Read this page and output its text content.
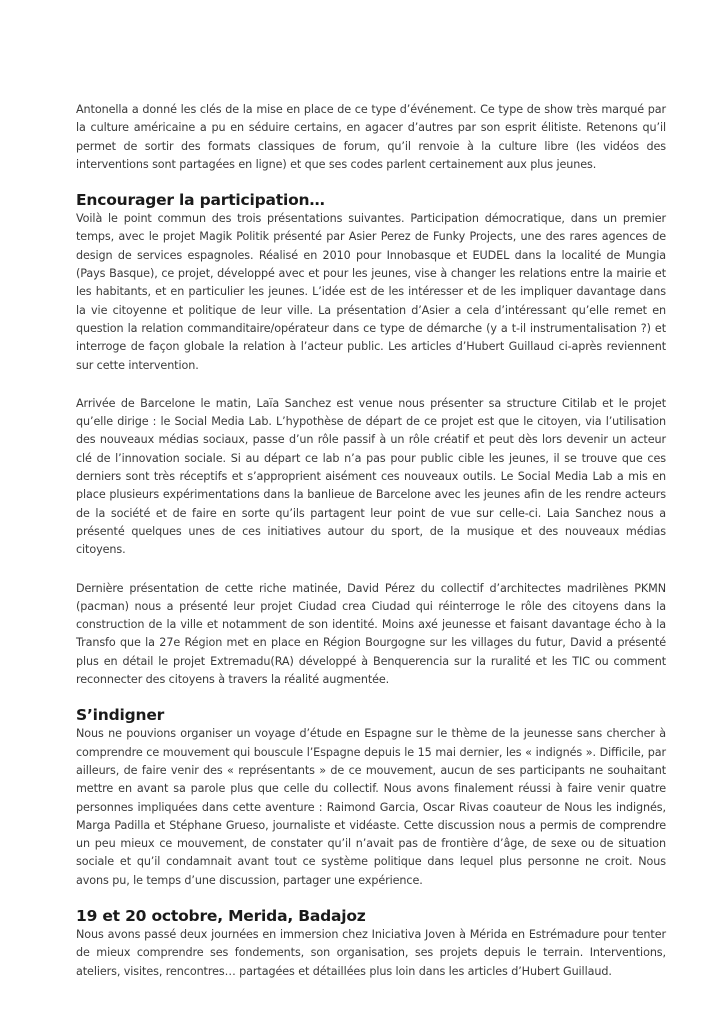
Antonella a donné les clés de la mise en place de ce type d’événement. Ce type de show très marqué par la culture américaine a pu en séduire certains, en agacer d’autres par son esprit élitiste. Retenons qu’il permet de sortir des formats classiques de forum, qu’il renvoie à la culture libre (les vidéos des interventions sont partagées en ligne) et que ses codes parlent certainement aux plus jeunes.

Encourager la participation…

Voilà le point commun des trois présentations suivantes. Participation démocratique, dans un premier temps, avec le projet Magik Politik présenté par Asier Perez de Funky Projects, une des rares agences de design de services espagnoles. Réalisé en 2010 pour Innobasque et EUDEL dans la localité de Mungia (Pays Basque), ce projet, développé avec et pour les jeunes, vise à changer les relations entre la mairie et les habitants, et en particulier les jeunes. L’idée est de les intéresser et de les impliquer davantage dans la vie citoyenne et politique de leur ville. La présentation d’Asier a cela d’intéressant qu’elle remet en question la relation commanditaire/opérateur dans ce type de démarche (y a t-il instrumentalisation ?) et interroge de façon globale la relation à l’acteur public. Les articles d’Hubert Guillaud ci-après reviennent sur cette intervention.

Arrivée de Barcelone le matin, Laïa Sanchez est venue nous présenter sa structure Citilab et le projet qu’elle dirige : le Social Media Lab. L’hypothèse de départ de ce projet est que le citoyen, via l’utilisation des nouveaux médias sociaux, passe d’un rôle passif à un rôle créatif et peut dès lors devenir un acteur clé de l’innovation sociale. Si au départ ce lab n’a pas pour public cible les jeunes, il se trouve que ces derniers sont très réceptifs et s’approprient aisément ces nouveaux outils. Le Social Media Lab a mis en place plusieurs expérimentations dans la banlieue de Barcelone avec les jeunes afin de les rendre acteurs de la société et de faire en sorte qu’ils partagent leur point de vue sur celle-ci. Laia Sanchez nous a présenté quelques unes de ces initiatives autour du sport, de la musique et des nouveaux médias citoyens.

Dernière présentation de cette riche matinée, David Pérez du collectif d’architectes madrilènes PKMN (pacman) nous a présenté leur projet Ciudad crea Ciudad qui réinterroge le rôle des citoyens dans la construction de la ville et notamment de son identité. Moins axé jeunesse et faisant davantage écho à la Transfo que la 27e Région met en place en Région Bourgogne sur les villages du futur, David a présenté plus en détail le projet Extremadu(RA) développé à Benquerencia sur la ruralité et les TIC ou comment reconnecter des citoyens à travers la réalité augmentée.

S’indigner

Nous ne pouvions organiser un voyage d’étude en Espagne sur le thème de la jeunesse sans chercher à comprendre ce mouvement qui bouscule l’Espagne depuis le 15 mai dernier, les « indignés ». Difficile, par ailleurs, de faire venir des « représentants » de ce mouvement, aucun de ses participants ne souhaitant mettre en avant sa parole plus que celle du collectif. Nous avons finalement réussi à faire venir quatre personnes impliquées dans cette aventure : Raimond Garcia, Oscar Rivas coauteur de Nous les indignés, Marga Padilla et Stéphane Grueso, journaliste et vidéaste. Cette discussion nous a permis de comprendre un peu mieux ce mouvement, de constater qu’il n’avait pas de frontière d’âge, de sexe ou de situation sociale et qu’il condamnait avant tout ce système politique dans lequel plus personne ne croit. Nous avons pu, le temps d’une discussion, partager une expérience.

19 et 20 octobre, Merida, Badajoz

Nous avons passé deux journées en immersion chez Iniciativa Joven à Mérida en Estrémadure pour tenter de mieux comprendre ses fondements, son organisation, ses projets depuis le terrain. Interventions, ateliers, visites, rencontres… partagées et détaillées plus loin dans les articles d’Hubert Guillaud.
